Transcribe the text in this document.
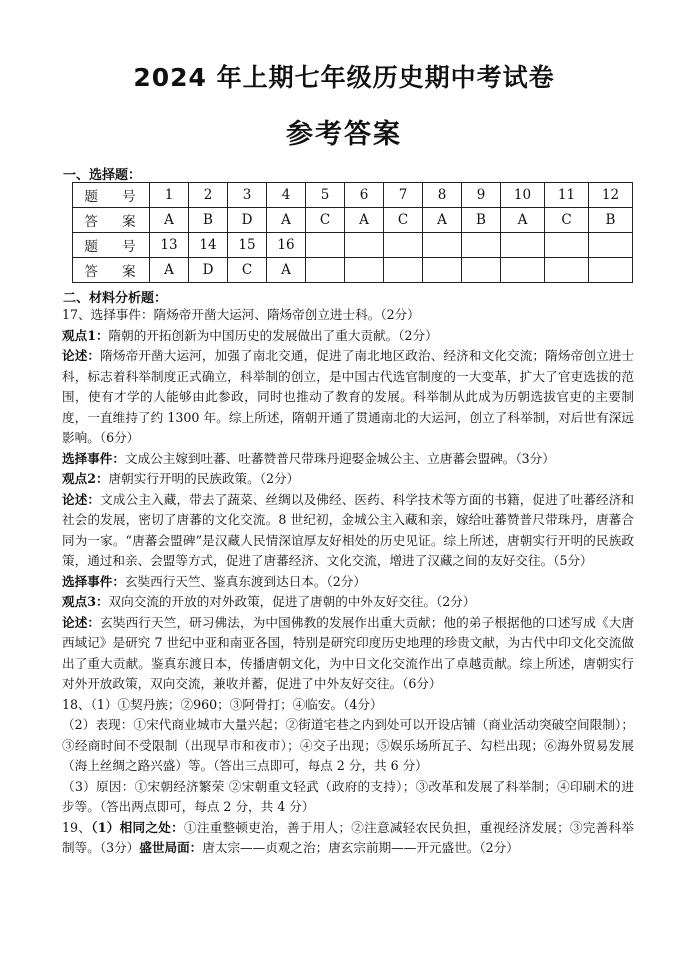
2024 年上期七年级历史期中考试卷
参考答案
一、选择题：
题 号	1	2	3	4	5	6	7	8	9	10	11	12
答 案	A	B	D	A	C	A	C	A	B	A	C	B
题 号	13	14	15	16								
答 案	A	D	C	A								
二、材料分析题：

17、选择事件：隋炀帝开凿大运河、隋炀帝创立进士科。（2分）

观点1：隋朝的开拓创新为中国历史的发展做出了重大贡献。（2分）

论述：隋炀帝开凿大运河，加强了南北交通，促进了南北地区政治、经济和文化交流；隋炀帝创立进士科，标志着科举制度正式确立，科举制的创立，是中国古代选官制度的一大变革，扩大了官吏选拔的范围，使有才学的人能够由此参政，同时也推动了教育的发展。科举制从此成为历朝选拔官吏的主要制度，一直维持了约 1300 年。综上所述，隋朝开通了贯通南北的大运河，创立了科举制，对后世有深远影响。（6分）

选择事件：文成公主嫁到吐蕃、吐蕃赞普尺带珠丹迎娶金城公主、立唐蕃会盟碑。（3分）

观点2：唐朝实行开明的民族政策。（2分）

论述：文成公主入藏，带去了蔬菜、丝绸以及佛经、医药、科学技术等方面的书籍，促进了吐蕃经济和社会的发展，密切了唐蕃的文化交流。8 世纪初，金城公主入藏和亲，嫁给吐蕃赞普尺带珠丹，唐蕃合同为一家。“唐蕃会盟碑”是汉藏人民情深谊厚友好相处的历史见证。综上所述，唐朝实行开明的民族政策，通过和亲、会盟等方式，促进了唐蕃经济、文化交流，增进了汉藏之间的友好交往。（5分）

选择事件：玄奘西行天竺、鉴真东渡到达日本。（2分）

观点3：双向交流的开放的对外政策，促进了唐朝的中外友好交往。（2分）

论述：玄奘西行天竺，研习佛法，为中国佛教的发展作出重大贡献；他的弟子根据他的口述写成《大唐西域记》是研究 7 世纪中亚和南亚各国，特别是研究印度历史地理的珍贵文献，为古代中印文化交流做出了重大贡献。鉴真东渡日本，传播唐朝文化，为中日文化交流作出了卓越贡献。综上所述，唐朝实行对外开放政策，双向交流，兼收并蓄，促进了中外友好交往。（6分）

18、（1）①契丹族；②960；③阿骨打；④临安。（4分）

（2）表现：①宋代商业城市大量兴起；②街道宅巷之内到处可以开设店铺（商业活动突破空间限制）；③经商时间不受限制（出现早市和夜市）；④交子出现；⑤娱乐场所瓦子、勾栏出现；⑥海外贸易发展（海上丝绸之路兴盛）等。（答出三点即可，每点 2 分，共 6 分）

（3）原因：①宋朝经济繁荣 ②宋朝重文轻武（政府的支持）；③改革和发展了科举制；④印刷术的进步等。（答出两点即可，每点 2 分，共 4 分）

19、（1）相同之处：①注重整顿吏治，善于用人；②注意减轻农民负担，重视经济发展；③完善科举制等。（3分）盛世局面：唐太宗——贞观之治；唐玄宗前期——开元盛世。（2分）
